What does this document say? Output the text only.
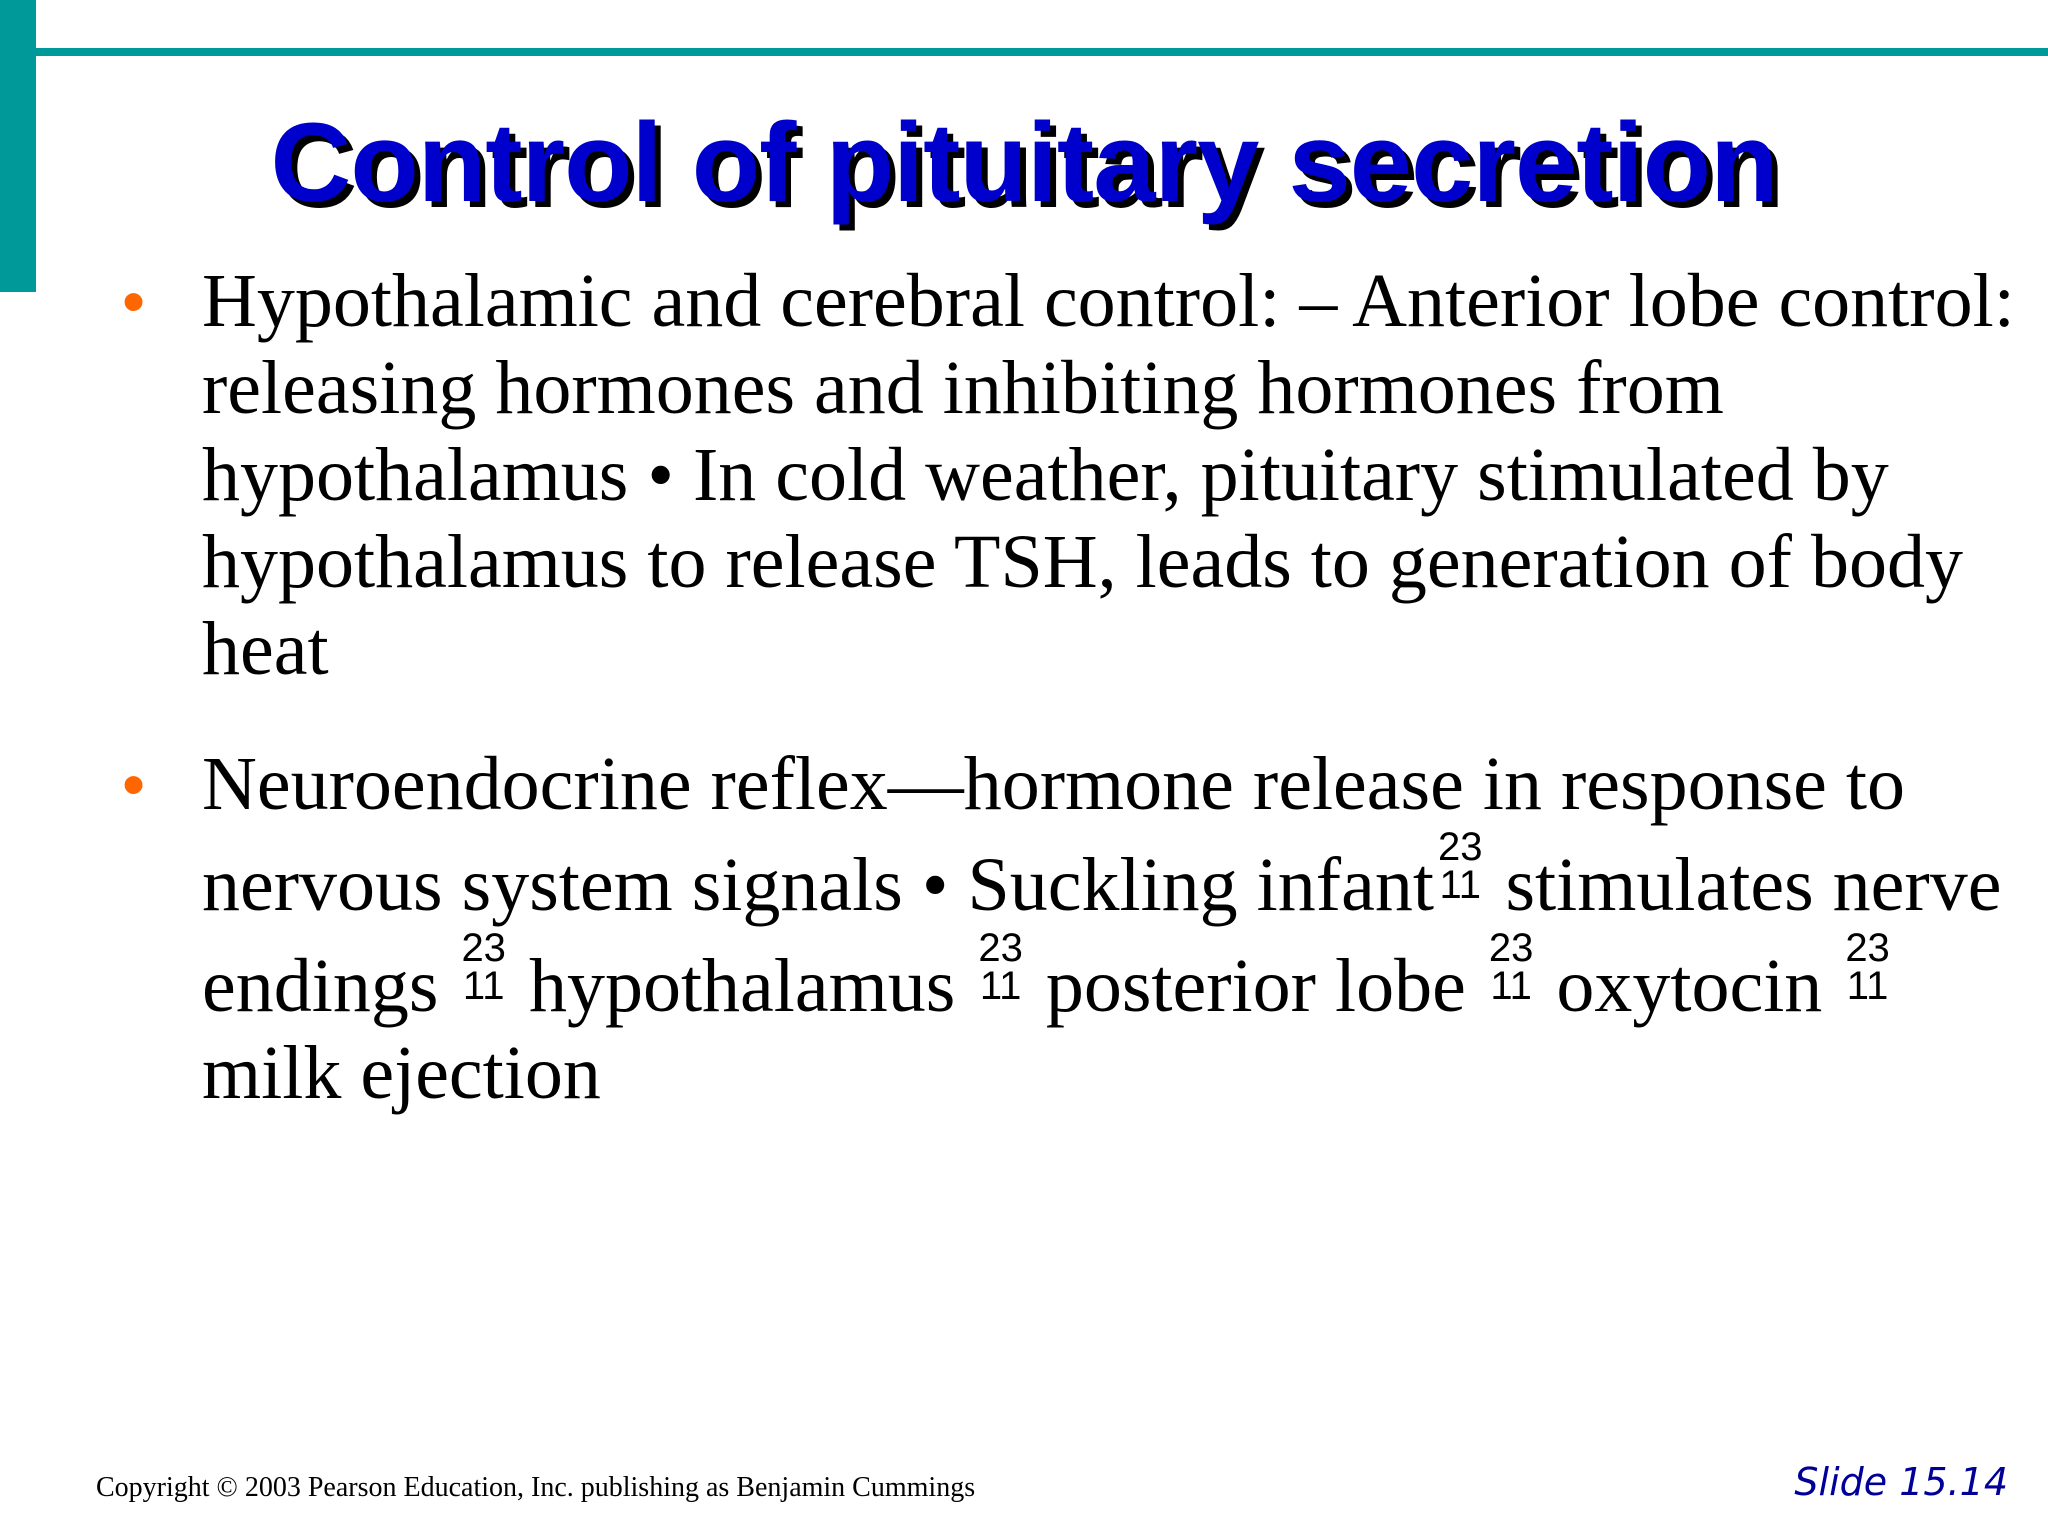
Control of pituitary secretion
• Hypothalamic and cerebral control: – Anterior lobe control: releasing hormones and inhibiting hormones from hypothalamus • In cold weather, pituitary stimulated by hypothalamus to release TSH, leads to generation of body heat
• Neuroendocrine reflex—hormone release in response to nervous system signals • Suckling infant 23
11 stimulates nerve endings 23
11 hypothalamus 23
11 posterior lobe 23
11 oxytocin 23
11
milk ejection
Copyright © 2003 Pearson Education, Inc. publishing as Benjamin Cummings	Slide 15.14
